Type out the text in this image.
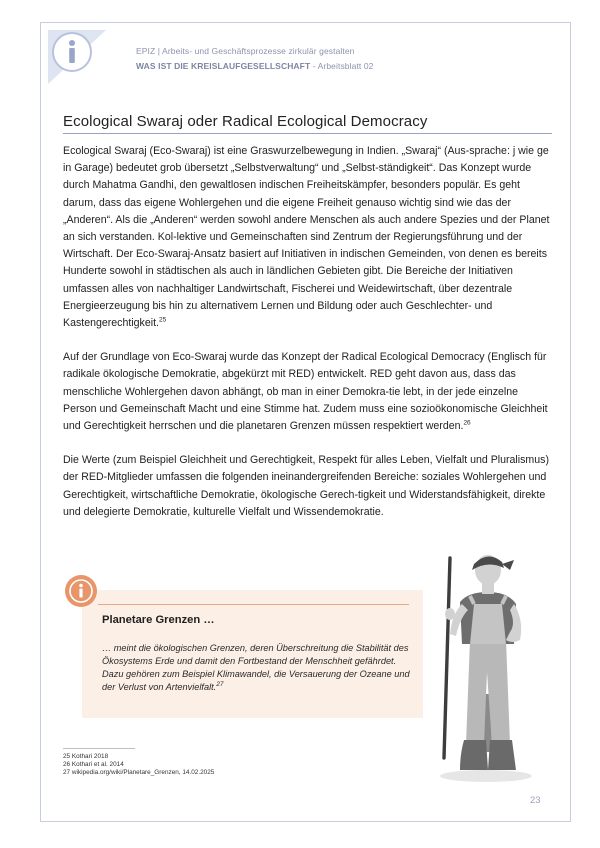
EPIZ | Arbeits- und Geschäftsprozesse zirkulär gestalten
WAS IST DIE KREISLAUFGESELLSCHAFT - Arbeitsblatt 02
Ecological Swaraj oder Radical Ecological Democracy

Ecological Swaraj (Eco-Swaraj) ist eine Graswurzelbewegung in Indien. „Swaraj“ (Aus-sprache: j wie ge in Garage) bedeutet grob übersetzt „Selbstverwaltung“ und „Selbst-ständigkeit“. Das Konzept wurde durch Mahatma Gandhi, den gewaltlosen indischen Freiheitskämpfer, besonders populär. Es geht darum, dass das eigene Wohlergehen und die eigene Freiheit genauso wichtig sind wie das der „Anderen“. Als die „Anderen“ werden sowohl andere Menschen als auch andere Spezies und der Planet an sich verstanden. Kol-lektive und Gemeinschaften sind Zentrum der Regierungsführung und der Wirtschaft. Der Eco-Swaraj-Ansatz basiert auf Initiativen in indischen Gemeinden, von denen es bereits Hunderte sowohl in städtischen als auch in ländlichen Gebieten gibt. Die Bereiche der Initiativen umfassen alles von nachhaltiger Landwirtschaft, Fischerei und Weidewirtschaft, über dezentrale Energieerzeugung bis hin zu alternativem Lernen und Bildung oder auch Geschlechter- und Kastengerechtigkeit.$^{25}$

Auf der Grundlage von Eco-Swaraj wurde das Konzept der Radical Ecological Democracy (Englisch für radikale ökologische Demokratie, abgekürzt mit RED) entwickelt. RED geht davon aus, dass das menschliche Wohlergehen davon abhängt, ob man in einer Demokra-tie lebt, in der jede einzelne Person und Gemeinschaft Macht und eine Stimme hat. Zudem muss eine sozioökonomische Gleichheit und Gerechtigkeit herrschen und die planetaren Grenzen müssen respektiert werden.$^{26}$

Die Werte (zum Beispiel Gleichheit und Gerechtigkeit, Respekt für alles Leben, Vielfalt und Pluralismus) der RED-Mitglieder umfassen die folgenden ineinandergreifenden Bereiche: soziales Wohlergehen und Gerechtigkeit, wirtschaftliche Demokratie, ökologische Gerech-tigkeit und Widerstandsfähigkeit, direkte und delegierte Demokratie, kulturelle Vielfalt und Wissendemokratie.

Planetare Grenzen …
… meint die ökologischen Grenzen, deren Überschreitung die Stabilität des Ökosystems Erde und damit den Fortbestand der Menschheit gefährdet. Dazu gehören zum Beispiel Klimawandel, die Versauerung der Ozeane und der Verlust von Artenvielfalt.$^{27}$
25 Kothari 2018
26 Kothari et al. 2014
27 wikipedia.org/wiki/Planetare_Grenzen, 14.02.2025
23
